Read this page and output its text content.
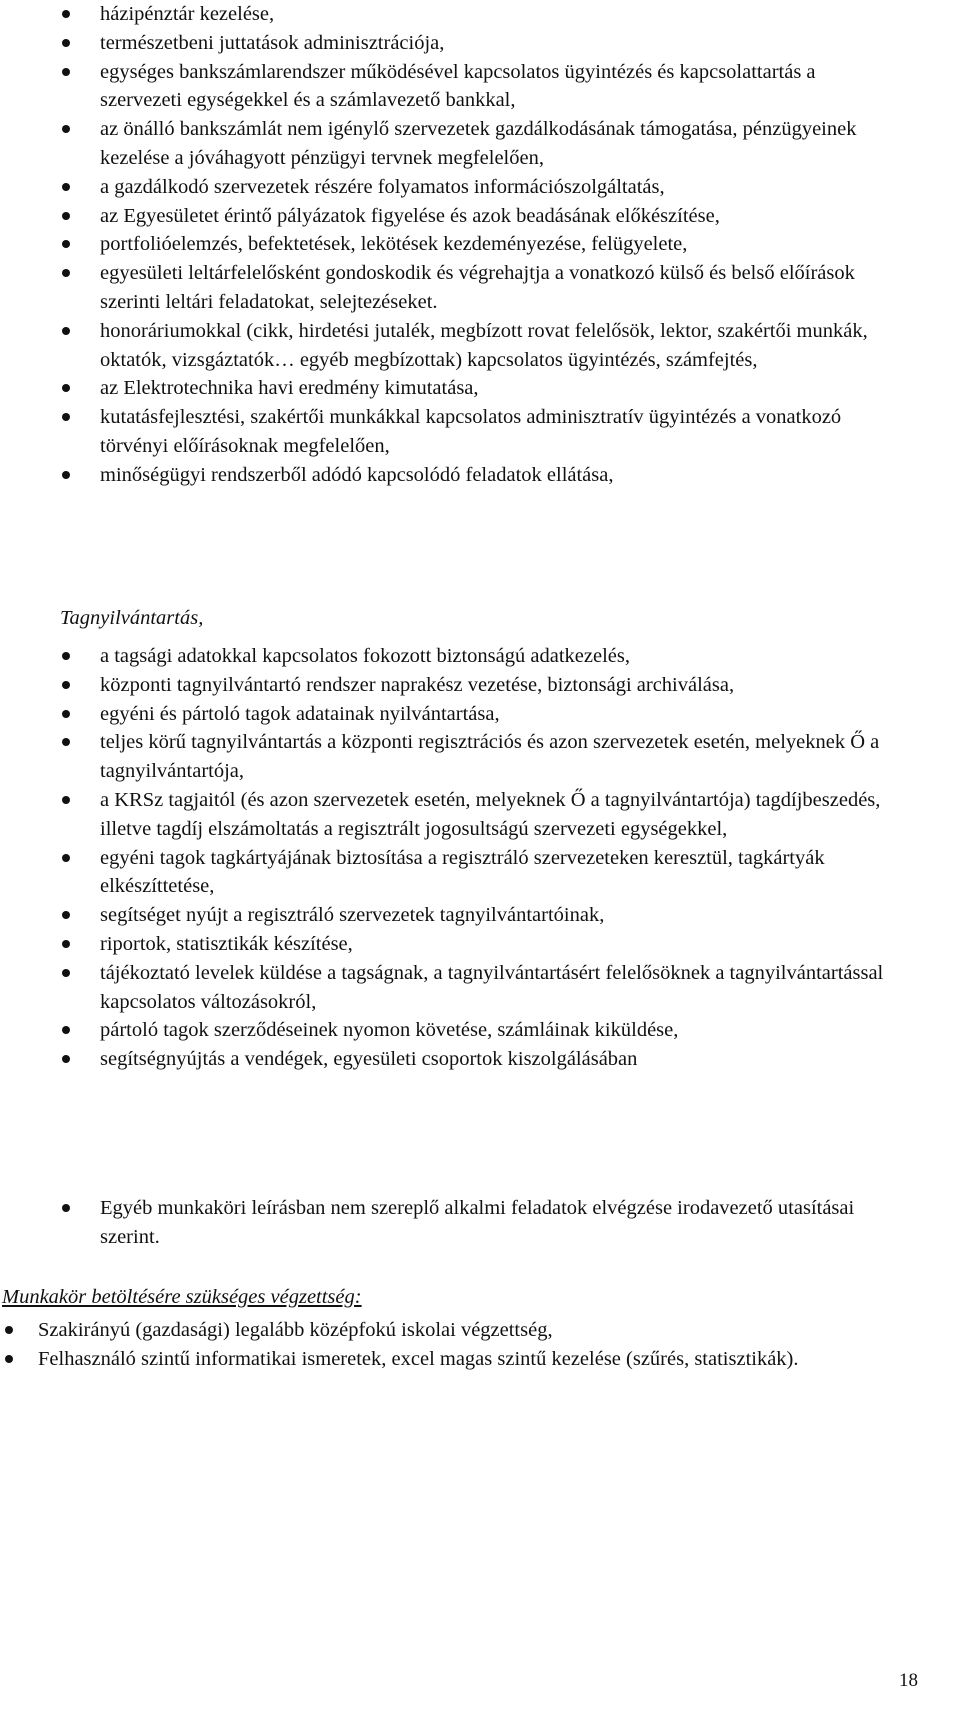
házipénztár kezelése,
természetbeni juttatások adminisztrációja,
egységes bankszámlarendszer működésével kapcsolatos ügyintézés és kapcsolattartás a szervezeti egységekkel és a számlavezető bankkal,
az önálló bankszámlát nem igénylő szervezetek gazdálkodásának támogatása, pénzügyeinek kezelése a jóváhagyott pénzügyi tervnek megfelelően,
a gazdálkodó szervezetek részére folyamatos információszolgáltatás,
az Egyesületet érintő pályázatok figyelése és azok beadásának előkészítése,
portfolióelemzés, befektetések, lekötések kezdeményezése, felügyelete,
egyesületi leltárfelelősként gondoskodik és végrehajtja a vonatkozó külső és belső előírások szerinti leltári feladatokat, selejtezéseket.
honoráriumokkal (cikk, hirdetési jutalék, megbízott rovat felelősök, lektor, szakértői munkák, oktatók, vizsgáztatók… egyéb megbízottak) kapcsolatos ügyintézés, számfejtés,
az Elektrotechnika havi eredmény kimutatása,
kutatásfejlesztési, szakértői munkákkal kapcsolatos adminisztratív ügyintézés a vonatkozó törvényi előírásoknak megfelelően,
minőségügyi rendszerből adódó kapcsolódó feladatok ellátása,
Tagnyilvántartás,
a tagsági adatokkal kapcsolatos fokozott biztonságú adatkezelés,
központi tagnyilvántartó rendszer naprakész vezetése, biztonsági archiválása,
egyéni és pártoló tagok adatainak nyilvántartása,
teljes körű tagnyilvántartás a központi regisztrációs és azon szervezetek esetén, melyeknek Ő a tagnyilvántartója,
a KRSz tagjaitól (és azon szervezetek esetén, melyeknek Ő a tagnyilvántartója) tagdíjbeszedés, illetve tagdíj elszámoltatás a regisztrált jogosultságú szervezeti egységekkel,
egyéni tagok tagkártyájának biztosítása a regisztráló szervezeteken keresztül, tagkártyák elkészíttetése,
segítséget nyújt a regisztráló szervezetek tagnyilvántartóinak,
riportok, statisztikák készítése,
tájékoztató levelek küldése a tagságnak, a tagnyilvántartásért felelősöknek a tagnyilvántartással kapcsolatos változásokról,
pártoló tagok szerződéseinek nyomon követése, számláinak kiküldése,
segítségnyújtás a vendégek, egyesületi csoportok kiszolgálásában
Egyéb munkaköri leírásban nem szereplő alkalmi feladatok elvégzése irodavezető utasításai szerint.
Munkakör betöltésére szükséges végzettség:
Szakirányú (gazdasági) legalább középfokú iskolai végzettség,
Felhasználó szintű informatikai ismeretek, excel magas szintű kezelése (szűrés, statisztikák).
18
